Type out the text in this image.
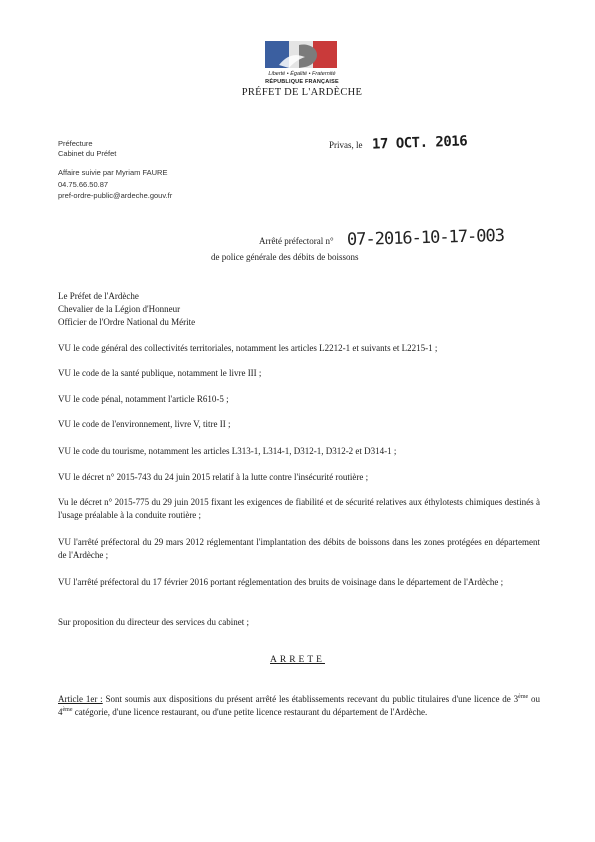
Liberté • Égalité • Fraternité
RÉPUBLIQUE FRANÇAISE
PRÉFET DE L'ARDÈCHE
Préfecture
Cabinet du Préfet
Affaire suivie par Myriam FAURE
04.75.66.50.87
pref-ordre-public@ardeche.gouv.fr
Privas, le 17 OCT. 2016
Arrêté préfectoral n° 07-2016-10-17-003
de police générale des débits de boissons
Le Préfet de l'Ardèche
Chevalier de la Légion d'Honneur
Officier de l'Ordre National du Mérite
VU le code général des collectivités territoriales, notamment les articles L2212-1 et suivants et L2215-1 ;
VU le code de la santé publique, notamment le livre III ;
VU le code pénal, notamment l'article R610-5 ;
VU le code de l'environnement, livre V, titre II ;
VU le code du tourisme, notamment les articles L313-1, L314-1, D312-1, D312-2 et D314-1 ;
VU le décret n° 2015-743 du 24 juin 2015 relatif à la lutte contre l'insécurité routière ;
Vu le décret n° 2015-775 du 29 juin 2015 fixant les exigences de fiabilité et de sécurité relatives aux éthylotests chimiques destinés à l'usage préalable à la conduite routière ;
VU l'arrêté préfectoral du 29 mars 2012 réglementant l'implantation des débits de boissons dans les zones protégées en département de l'Ardèche ;
VU l'arrêté préfectoral du 17 février 2016 portant réglementation des bruits de voisinage dans le département de l'Ardèche ;
Sur proposition du directeur des services du cabinet ;
ARRETE
Article 1er : Sont soumis aux dispositions du présent arrêté les établissements recevant du public titulaires d'une licence de 3ème ou 4ème catégorie, d'une licence restaurant, ou d'une petite licence restaurant du département de l'Ardèche.
